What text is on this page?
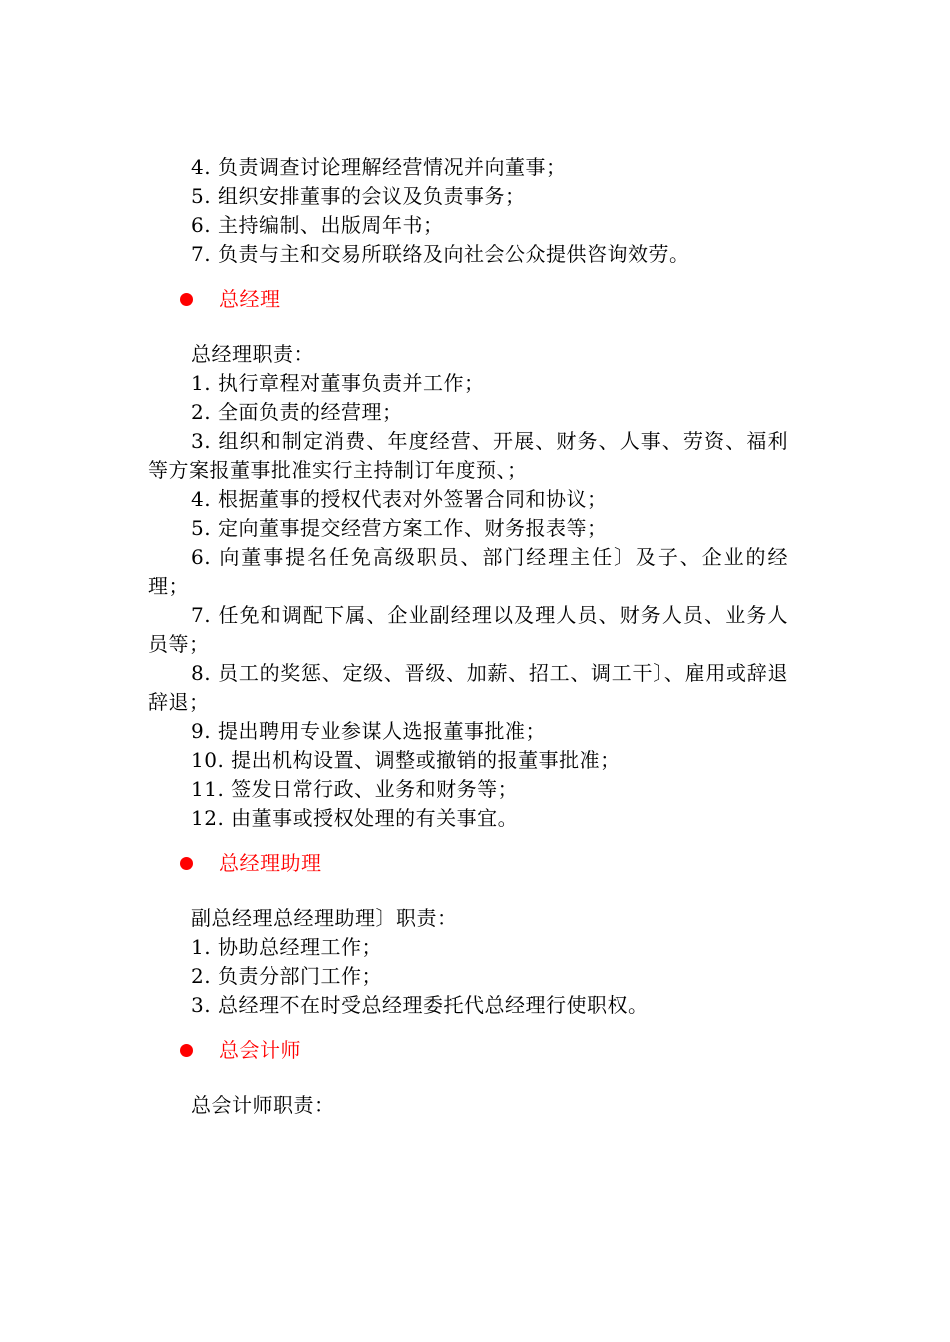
4. 负责调查讨论理解经营情况并向董事；
5. 组织安排董事的会议及负责事务；
6. 主持编制、出版周年书；
7. 负责与主和交易所联络及向社会公众提供咨询效劳。
总经理
总经理职责：
1. 执行章程对董事负责并工作；
2. 全面负责的经营理；
3. 组织和制定消费、年度经营、开展、财务、人事、劳资、福利等方案报董事批准实行主持制订年度预、；
4. 根据董事的授权代表对外签署合同和协议；
5. 定向董事提交经营方案工作、财务报表等；
6. 向董事提名任免高级职员、部门经理主任〕及子、企业的经理；
7. 任免和调配下属、企业副经理以及理人员、财务人员、业务人员等；
8. 员工的奖惩、定级、晋级、加薪、招工、调工干〕、雇用或辞退辞退；
9. 提出聘用专业参谋人选报董事批准；
10. 提出机构设置、调整或撤销的报董事批准；
11. 签发日常行政、业务和财务等；
12. 由董事或授权处理的有关事宜。
总经理助理
副总经理总经理助理〕职责：
1. 协助总经理工作；
2. 负责分部门工作；
3. 总经理不在时受总经理委托代总经理行使职权。
总会计师
总会计师职责：
